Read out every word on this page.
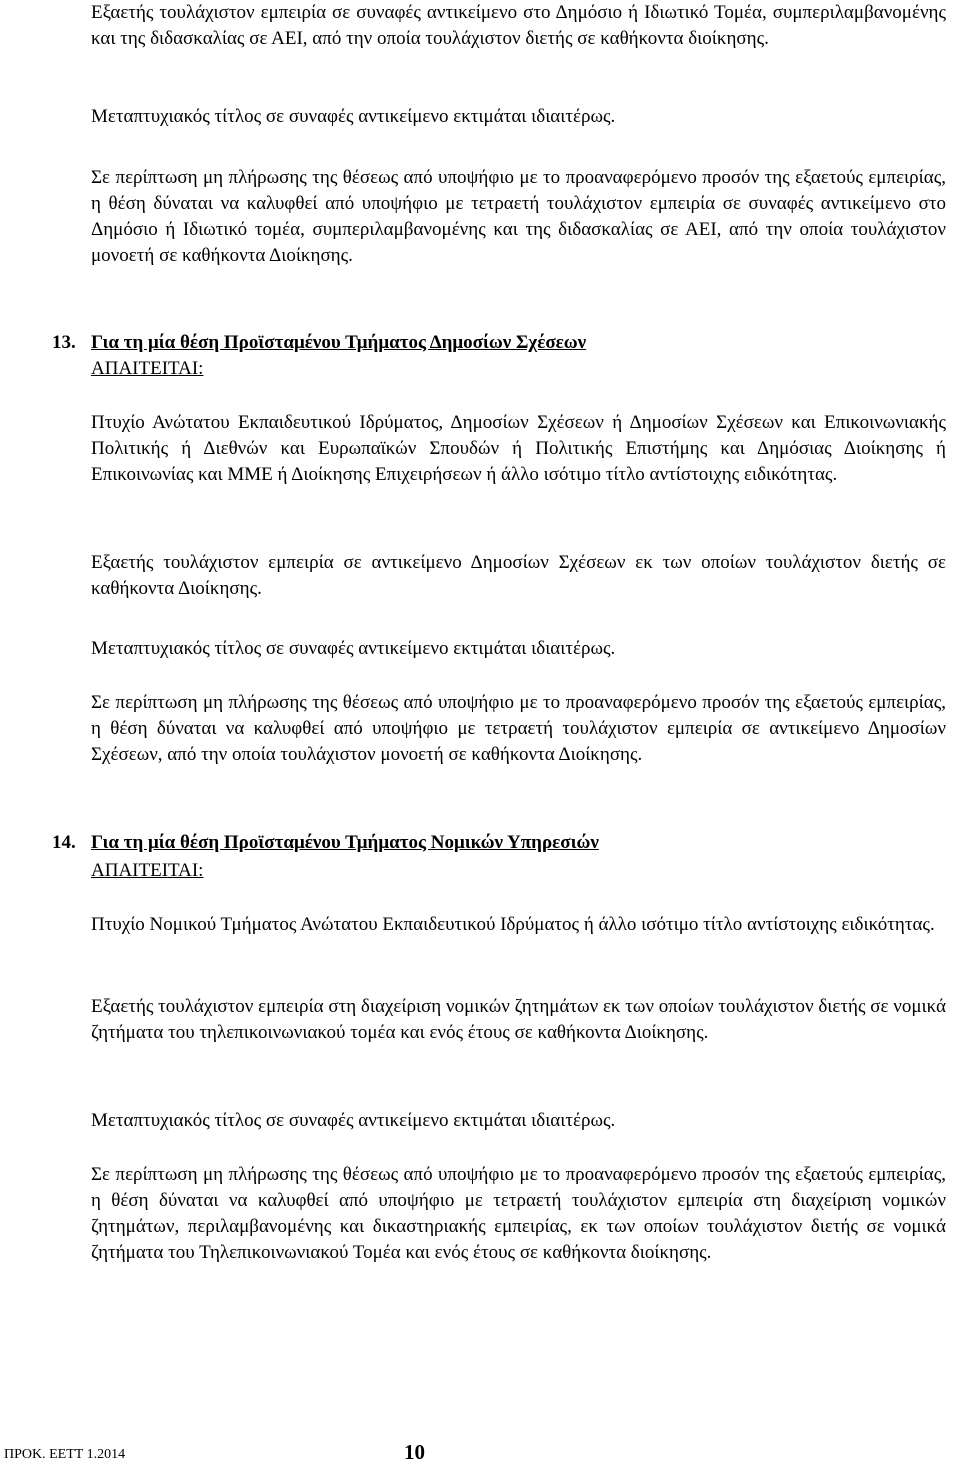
Εξαετής τουλάχιστον εμπειρία σε συναφές αντικείμενο στο Δημόσιο ή Ιδιωτικό Τομέα, συμπεριλαμβανομένης και της διδασκαλίας σε ΑΕΙ, από την οποία τουλάχιστον διετής σε καθήκοντα διοίκησης.

Μεταπτυχιακός τίτλος σε συναφές αντικείμενο εκτιμάται ιδιαιτέρως.

Σε περίπτωση μη πλήρωσης της θέσεως από υποψήφιο με το προαναφερόμενο προσόν της εξαετούς εμπειρίας, η θέση δύναται να καλυφθεί από υποψήφιο με τετραετή τουλάχιστον εμπειρία σε συναφές αντικείμενο στο Δημόσιο ή Ιδιωτικό τομέα, συμπεριλαμβανομένης και της διδασκαλίας σε ΑΕΙ, από την οποία τουλάχιστον μονοετή σε καθήκοντα Διοίκησης.

13. Για τη μία θέση Προϊσταμένου Τμήματος Δημοσίων Σχέσεων
ΑΠΑΙΤΕΙΤΑΙ:

Πτυχίο Ανώτατου Εκπαιδευτικού Ιδρύματος, Δημοσίων Σχέσεων ή Δημοσίων Σχέσεων και Επικοινωνιακής Πολιτικής ή Διεθνών και Ευρωπαϊκών Σπουδών ή Πολιτικής Επιστήμης και Δημόσιας Διοίκησης ή Επικοινωνίας και ΜΜΕ ή Διοίκησης Επιχειρήσεων ή άλλο ισότιμο τίτλο αντίστοιχης ειδικότητας.

Εξαετής τουλάχιστον εμπειρία σε αντικείμενο Δημοσίων Σχέσεων εκ των οποίων τουλάχιστον διετής σε καθήκοντα Διοίκησης.

Μεταπτυχιακός τίτλος σε συναφές αντικείμενο εκτιμάται ιδιαιτέρως.

Σε περίπτωση μη πλήρωσης της θέσεως από υποψήφιο με το προαναφερόμενο προσόν της εξαετούς εμπειρίας, η θέση δύναται να καλυφθεί από υποψήφιο με τετραετή τουλάχιστον εμπειρία σε αντικείμενο Δημοσίων Σχέσεων, από την οποία τουλάχιστον μονοετή σε καθήκοντα Διοίκησης.

14. Για τη μία θέση Προϊσταμένου Τμήματος Νομικών Υπηρεσιών
ΑΠΑΙΤΕΙΤΑΙ:

Πτυχίο Νομικού Τμήματος Ανώτατου Εκπαιδευτικού Ιδρύματος ή άλλο ισότιμο τίτλο αντίστοιχης ειδικότητας.

Εξαετής τουλάχιστον εμπειρία στη διαχείριση νομικών ζητημάτων εκ των οποίων τουλάχιστον διετής σε νομικά ζητήματα του τηλεπικοινωνιακού τομέα και ενός έτους σε καθήκοντα Διοίκησης.

Μεταπτυχιακός τίτλος σε συναφές αντικείμενο εκτιμάται ιδιαιτέρως.

Σε περίπτωση μη πλήρωσης της θέσεως από υποψήφιο με το προαναφερόμενο προσόν της εξαετούς εμπειρίας, η θέση δύναται να καλυφθεί από υποψήφιο με τετραετή τουλάχιστον εμπειρία στη διαχείριση νομικών ζητημάτων, περιλαμβανομένης και δικαστηριακής εμπειρίας, εκ των οποίων τουλάχιστον διετής σε νομικά ζητήματα του Τηλεπικοινωνιακού Τομέα και ενός έτους σε καθήκοντα διοίκησης.

ΠΡΟΚ. ΕΕΤΤ 1.2014	10
